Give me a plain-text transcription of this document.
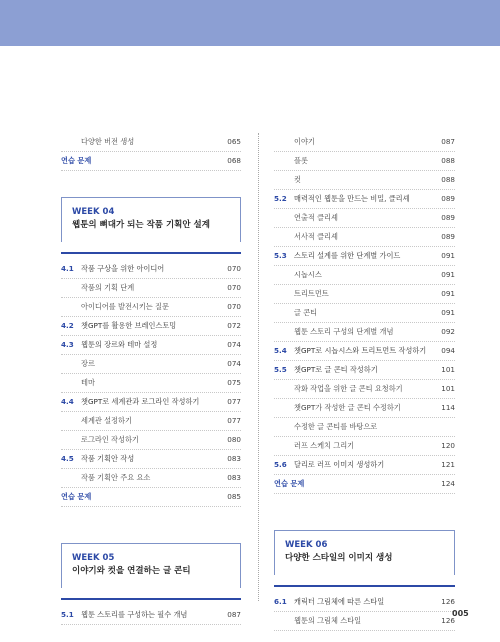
다양한 버전 생성	065
연습 문제	068
WEEK 04
웹툰의 뼈대가 되는 작품 기획안 설계
4.1 작품 구상을 위한 아이디어	070
작품의 기획 단계	070
아이디어를 발전시키는 질문	070
4.2 챗GPT를 활용한 브레인스토밍	072
4.3 웹툰의 장르와 테마 설정	074
장르	074
테마	075
4.4 챗GPT로 세계관과 로그라인 작성하기	077
세계관 설정하기	077
로그라인 작성하기	080
4.5 작품 기획안 작성	083
작품 기획안 주요 요소	083
연습 문제	085
WEEK 05
이야기와 컷을 연결하는 글 콘티
5.1 웹툰 스토리를 구성하는 필수 개념	087
이야기	087
플롯	088
컷	088
5.2 매력적인 웹툰을 만드는 비밀, 클리셰	089
연출적 클리셰	089
서사적 클리셰	089
5.3 스토리 설계를 위한 단계별 가이드	091
시놉시스	091
트리트먼트	091
글 콘티	091
웹툰 스토리 구성의 단계별 개념	092
5.4 챗GPT로 시놉시스와 트리트먼트 작성하기 094
5.5 챗GPT로 글 콘티 작성하기	101
작화 작업을 위한 글 콘티 요청하기	101
챗GPT가 작성한 글 콘티 수정하기	114
수정한 글 콘티를 바탕으로
러프 스케치 그리기	120
5.6 달리로 러프 이미지 생성하기	121
연습 문제	124
WEEK 06
다양한 스타일의 이미지 생성
6.1 캐릭터 그림체에 따른 스타일	126
웹툰의 그림체 스타일	126
005
